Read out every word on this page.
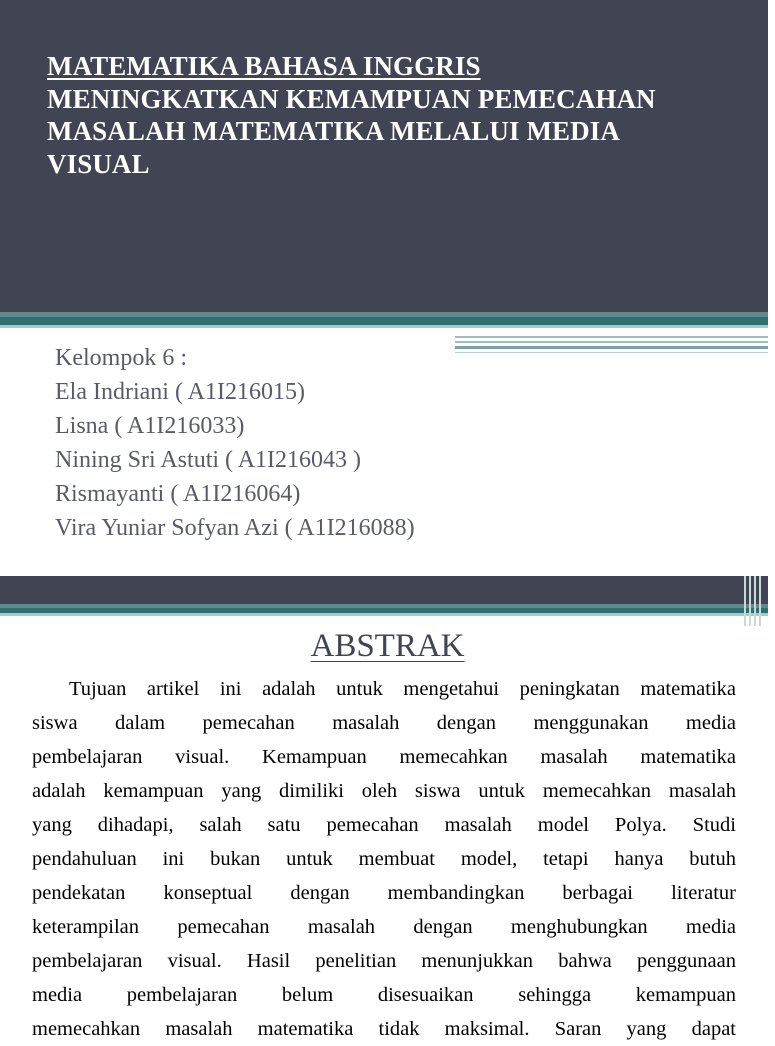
MATEMATIKA BAHASA INGGRIS
MENINGKATKAN KEMAMPUAN PEMECAHAN
MASALAH MATEMATIKA MELALUI MEDIA
VISUAL
Kelompok 6 :
Ela Indriani ( A1I216015)
Lisna ( A1I216033)
Nining Sri Astuti ( A1I216043 )
Rismayanti ( A1I216064)
Vira Yuniar Sofyan Azi ( A1I216088)
ABSTRAK
Tujuan artikel ini adalah untuk mengetahui peningkatan matematika
siswa dalam pemecahan masalah dengan menggunakan media
pembelajaran visual. Kemampuan memecahkan masalah matematika
adalah kemampuan yang dimiliki oleh siswa untuk memecahkan masalah
yang dihadapi, salah satu pemecahan masalah model Polya. Studi
pendahuluan ini bukan untuk membuat model, tetapi hanya butuh
pendekatan konseptual dengan membandingkan berbagai literatur
keterampilan pemecahan masalah dengan menghubungkan media
pembelajaran visual. Hasil penelitian menunjukkan bahwa penggunaan
media pembelajaran belum disesuaikan sehingga kemampuan
memecahkan masalah matematika tidak maksimal. Saran yang dapat
